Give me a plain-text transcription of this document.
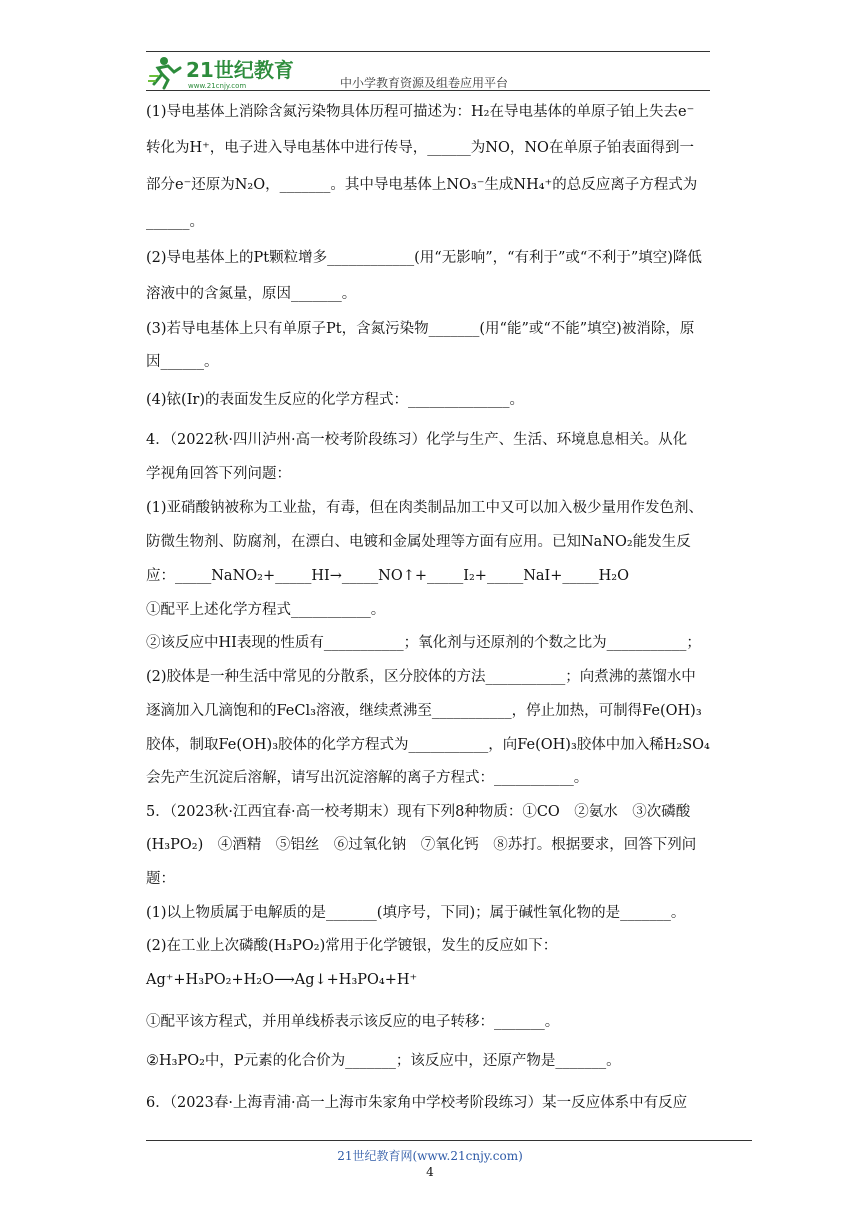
21世纪教育
www.21cnjy.com	中小学教育资源及组卷应用平台
(1)导电基体上消除含氮污染物具体历程可描述为：H₂在导电基体的单原子铂上失去e⁻
转化为H⁺，电子进入导电基体中进行传导，______为NO，NO在单原子铂表面得到一
部分e⁻还原为N₂O，_______。其中导电基体上NO₃⁻生成NH₄⁺的总反应离子方程式为
______。
(2)导电基体上的Pt颗粒增多____________(用“无影响”，“有利于”或“不利于”填空)降低
溶液中的含氮量，原因_______。
(3)若导电基体上只有单原子Pt，含氮污染物_______(用“能”或“不能”填空)被消除，原
因______。
(4)铱(Ir)的表面发生反应的化学方程式：______________。
4．（2022秋·四川泸州·高一校考阶段练习）化学与生产、生活、环境息息相关。从化
学视角回答下列问题：
(1)亚硝酸钠被称为工业盐，有毒，但在肉类制品加工中又可以加入极少量用作发色剂、
防微生物剂、防腐剂，在漂白、电镀和金属处理等方面有应用。已知NaNO₂能发生反
应：_____NaNO₂+_____HI→_____NO↑+_____I₂+_____NaI+_____H₂O
①配平上述化学方程式___________。
②该反应中HI表现的性质有___________；氧化剂与还原剂的个数之比为___________；
(2)胶体是一种生活中常见的分散系，区分胶体的方法___________；向煮沸的蒸馏水中
逐滴加入几滴饱和的FeCl₃溶液，继续煮沸至___________，停止加热，可制得Fe(OH)₃
胶体，制取Fe(OH)₃胶体的化学方程式为___________，向Fe(OH)₃胶体中加入稀H₂SO₄
会先产生沉淀后溶解，请写出沉淀溶解的离子方程式：___________。
5．（2023秋·江西宜春·高一校考期末）现有下列8种物质：①CO　②氨水　③次磷酸
(H₃PO₂)　④酒精　⑤铝丝　⑥过氧化钠　⑦氧化钙　⑧苏打。根据要求，回答下列问
题：
(1)以上物质属于电解质的是_______(填序号，下同)；属于碱性氧化物的是_______。
(2)在工业上次磷酸(H₃PO₂)常用于化学镀银，发生的反应如下：
Ag⁺+H₃PO₂+H₂O⟶Ag↓+H₃PO₄+H⁺
①配平该方程式，并用单线桥表示该反应的电子转移：_______。
②H₃PO₂中，P元素的化合价为_______；该反应中，还原产物是_______。
6．（2023春·上海青浦·高一上海市朱家角中学校考阶段练习）某一反应体系中有反应
21世纪教育网(www.21cnjy.com)
4
